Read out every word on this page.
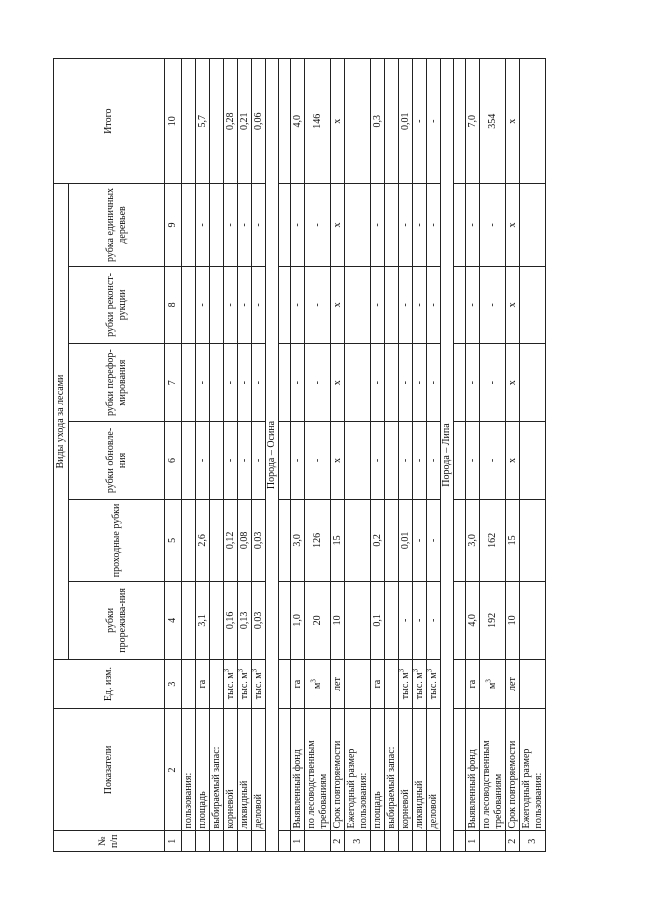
№ п/п	Показатели	Ед. изм.	Виды ухода за лесами						Итого
			рубки прорежива-ния	проходные рубки	рубки обновле-ния	рубки перефор-мирования	рубки реконст-рукции	рубка единичных деревьев	
1	2	3	4	5	6	7	8	9	10
	пользования:								
	площадь	га	3,1	2,6	-	-	-	-	5,7
	выбираемый запас:								
	корневой	тыс. $м^3$	0,16	0,12	-	-	-	-	0,28
	ликвидный	тыс. $м^3$	0,13	0,08	-	-	-	-	0,21
	деловой	тыс. $м^3$	0,03	0,03	-	-	-	-	0,06
Порода – Осина									

1	Выявленный фонд	га	1,0	3,0	-	-	-	-	4,0
	по лесоводственным требованиям	$м^3$	20	126	-	-	-	-	146
2	Срок повторяемости	лет	10	15	х	х	х	х	х
3	Ежегодный размер пользования:								
	площадь	га	0,1	0,2	-	-	-	-	0,3
	выбираемый запас:								
	корневой	тыс. $м^3$	-	0,01	-	-	-	-	0,01
	ликвидный	тыс. $м^3$	-	-	-	-	-	-	-
	деловой	тыс. $м^3$	-	-	-	-	-	-	-
Порода – Липа									

1	Выявленный фонд	га	4,0	3,0	-	-	-	-	7,0
	по лесоводственным требованиям	$м^3$	192	162	-	-	-	-	354
2	Срок повторяемости	лет	10	15	х	х	х	х	х
3	Ежегодный размер пользования:								
